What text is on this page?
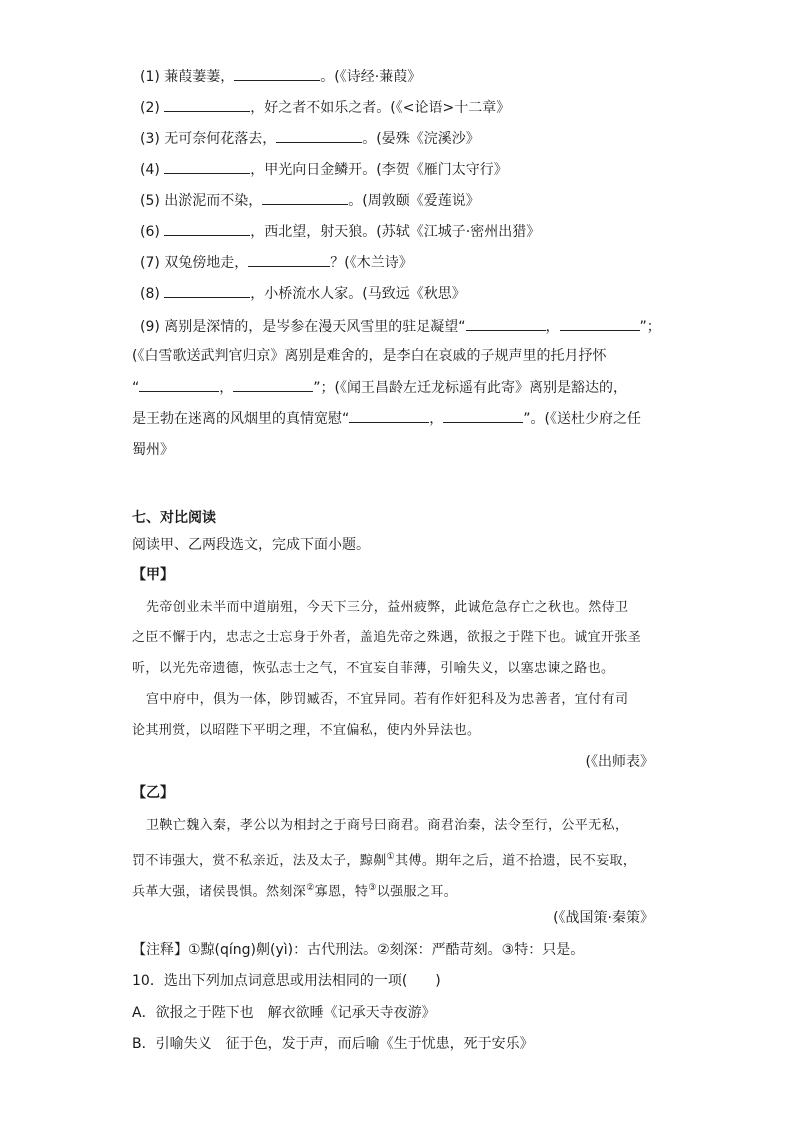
(1) 蒹葭萋萋，	。(《诗经·蒹葭》
(2)	，好之者不如乐之者。(《<论语>十二章》
(3) 无可奈何花落去，	。(晏殊《浣溪沙》
(4)	，甲光向日金鳞开。(李贺《雁门太守行》
(5) 出淤泥而不染，	。(周敦颐《爱莲说》
(6)	，西北望，射天狼。(苏轼《江城子·密州出猎》
(7) 双兔傍地走，	？(《木兰诗》
(8)	，小桥流水人家。(马致远《秋思》
(9) 离别是深情的，是岑参在漫天风雪里的驻足凝望“	，	”；
(《白雪歌送武判官归京》离别是难舍的，是李白在哀戚的子规声里的托月抒怀
“	，	”；(《闻王昌龄左迁龙标遥有此寄》离别是豁达的，
是王勃在迷离的风烟里的真情宽慰“	，	”。(《送杜少府之任
蜀州》
七、对比阅读
阅读甲、乙两段选文，完成下面小题。
【甲】
先帝创业未半而中道崩殂，今天下三分，益州疲弊，此诚危急存亡之秋也。然侍卫
之臣不懈于内，忠志之士忘身于外者，盖追先帝之殊遇，欲报之于陛下也。诚宜开张圣
听，以光先帝遗德，恢弘志士之气，不宜妄自菲薄，引喻失义，以塞忠谏之路也。
宫中府中，俱为一体，陟罚臧否，不宜异同。若有作奸犯科及为忠善者，宜付有司
论其刑赏，以昭陛下平明之理，不宜偏私，使内外异法也。
(《出师表》
【乙】
卫鞅亡魏入秦，孝公以为相封之于商号曰商君。商君治秦，法令至行，公平无私，
罚不讳强大，赏不私亲近，法及太子，黥劓①其傅。期年之后，道不拾遗，民不妄取，
兵革大强，诸侯畏惧。然刻深②寡恩，特③以强服之耳。
(《战国策·秦策》
【注释】①黥(qíng)劓(yì)：古代刑法。②刻深：严酷苛刻。③特：只是。
10．选出下列加点词意思或用法相同的一项(　　)
A．欲报之于陛下也　解衣欲睡《记承天寺夜游》
B．引喻失义　征于色，发于声，而后喻《生于忧患，死于安乐》
